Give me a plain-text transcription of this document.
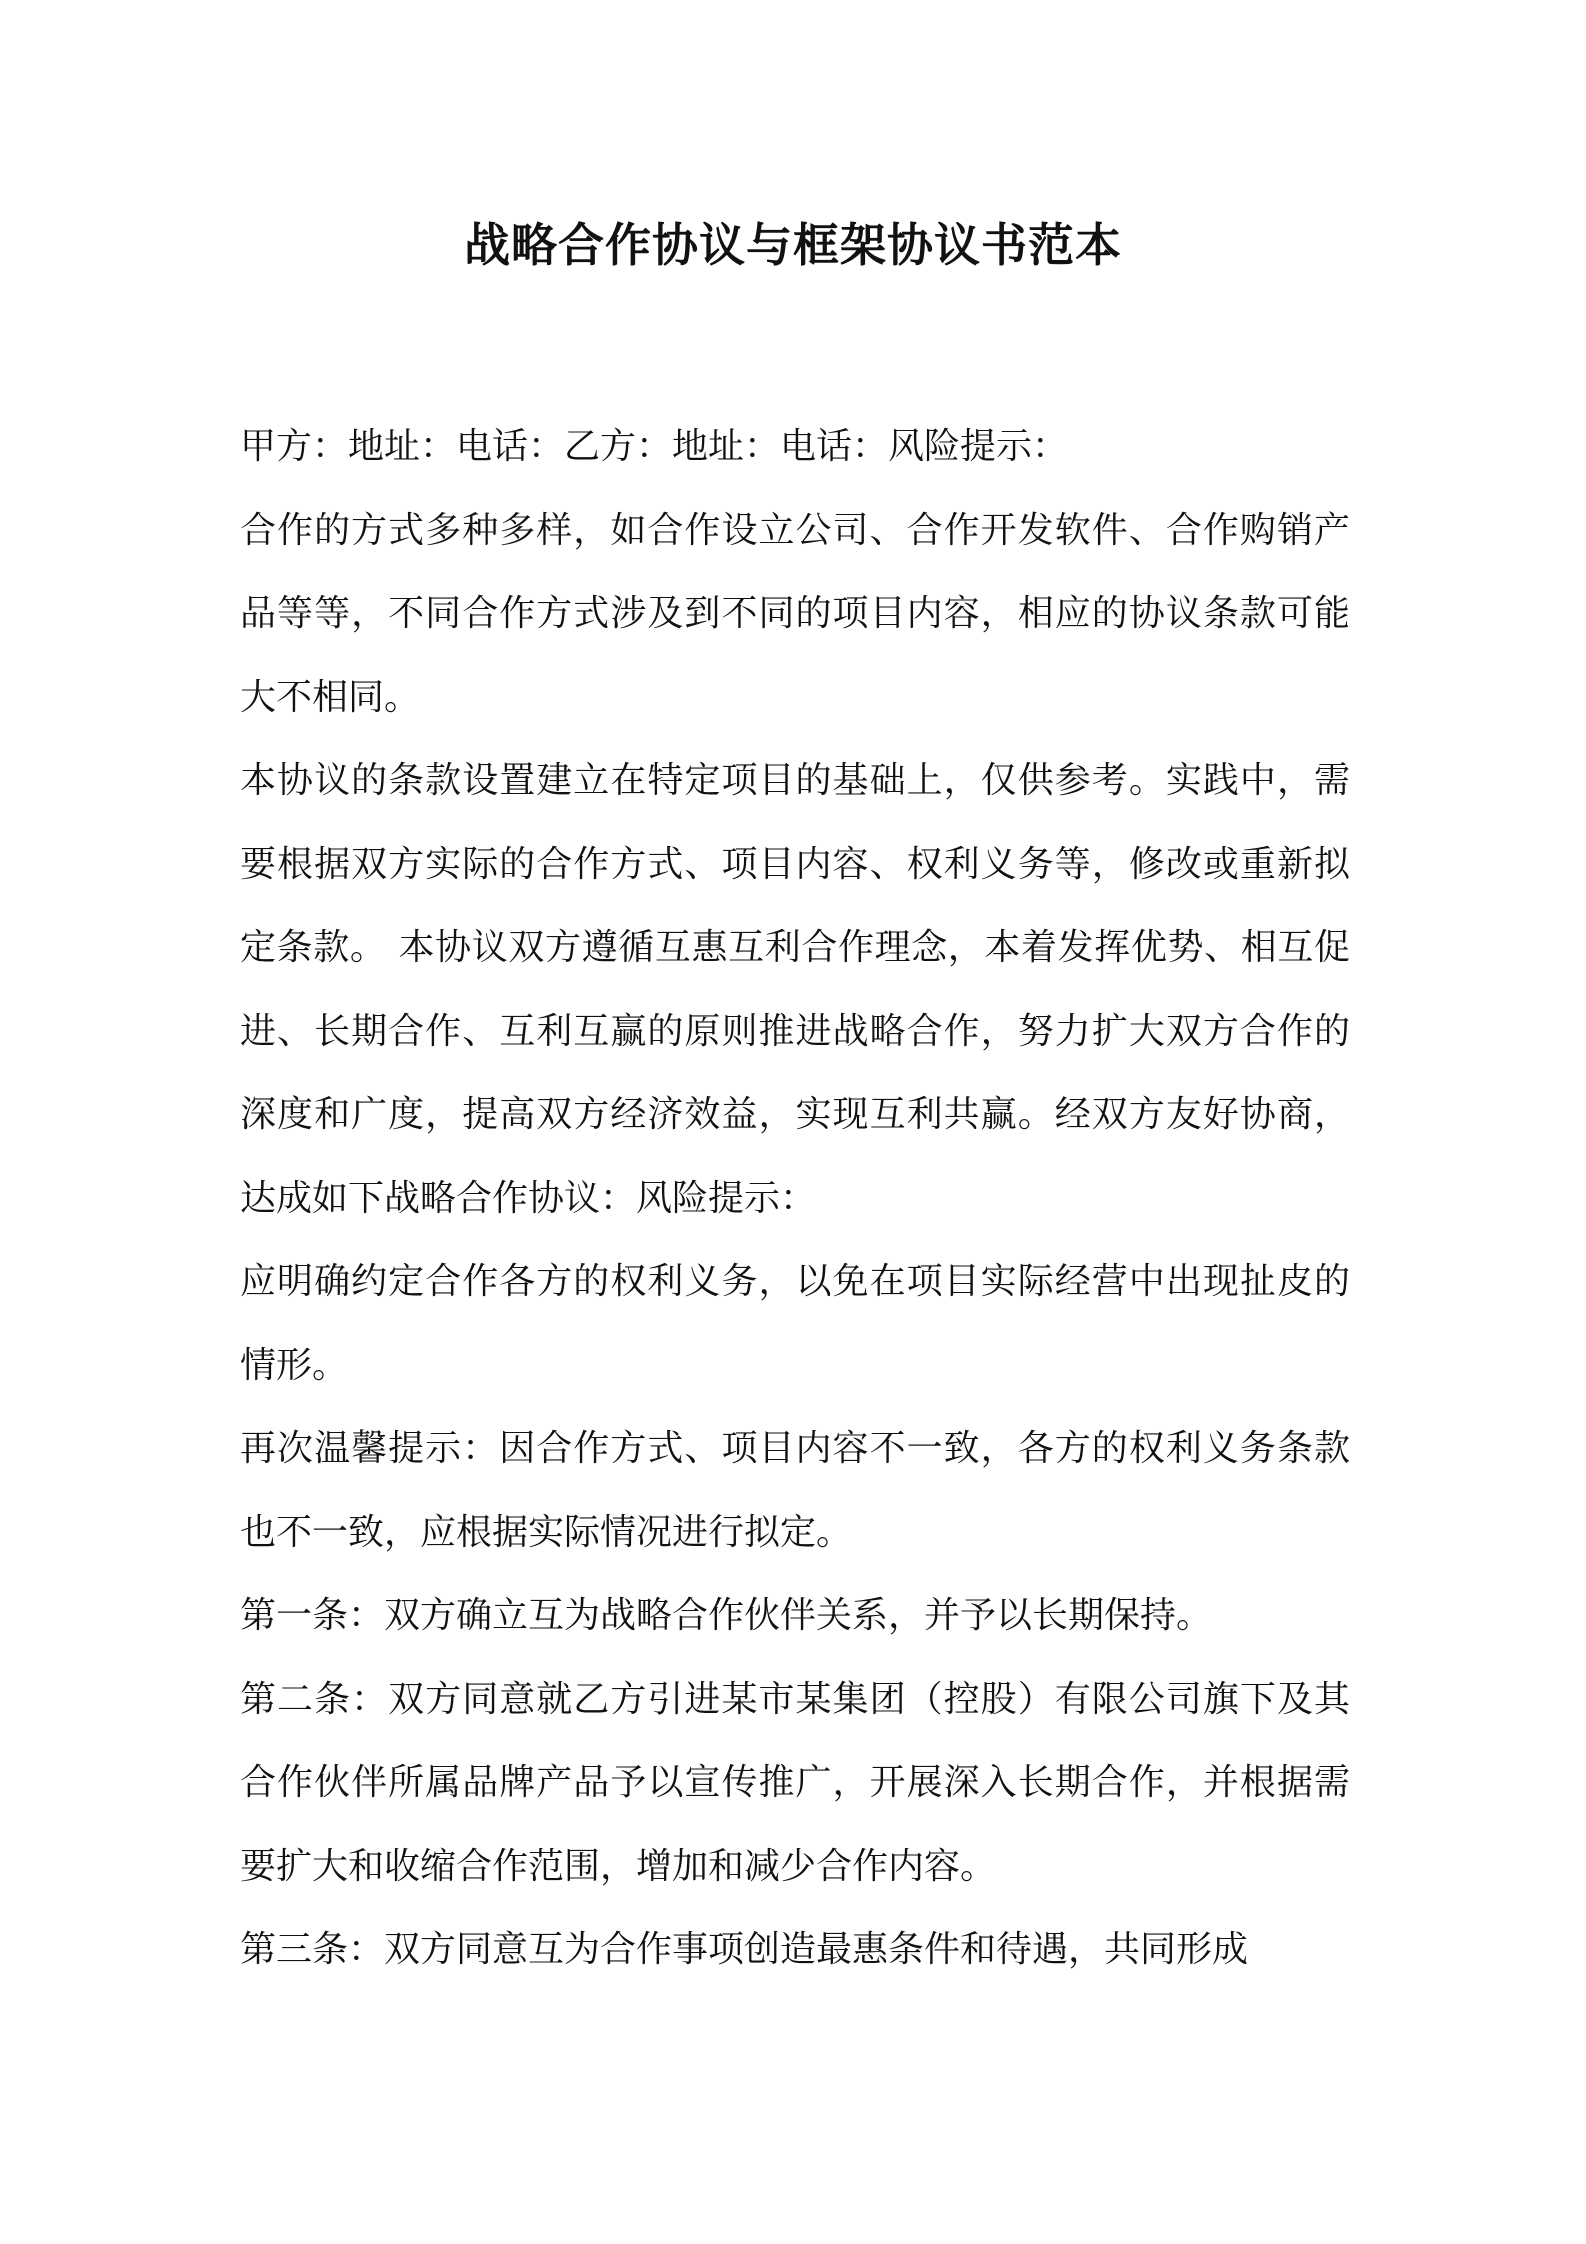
战略合作协议与框架协议书范本

甲方：地址：电话：乙方：地址：电话：风险提示：

合作的方式多种多样，如合作设立公司、合作开发软件、合作购销产品等等，不同合作方式涉及到不同的项目内容，相应的协议条款可能大不相同。

本协议的条款设置建立在特定项目的基础上，仅供参考。实践中，需要根据双方实际的合作方式、项目内容、权利义务等，修改或重新拟定条款。 本协议双方遵循互惠互利合作理念，本着发挥优势、相互促进、长期合作、互利互赢的原则推进战略合作，努力扩大双方合作的深度和广度，提高双方经济效益，实现互利共赢。经双方友好协商，达成如下战略合作协议：风险提示：

应明确约定合作各方的权利义务，以免在项目实际经营中出现扯皮的情形。

再次温馨提示：因合作方式、项目内容不一致，各方的权利义务条款也不一致，应根据实际情况进行拟定。

第一条：双方确立互为战略合作伙伴关系，并予以长期保持。

第二条：双方同意就乙方引进某市某集团（控股）有限公司旗下及其合作伙伴所属品牌产品予以宣传推广，开展深入长期合作，并根据需要扩大和收缩合作范围，增加和减少合作内容。

第三条：双方同意互为合作事项创造最惠条件和待遇，共同形成
